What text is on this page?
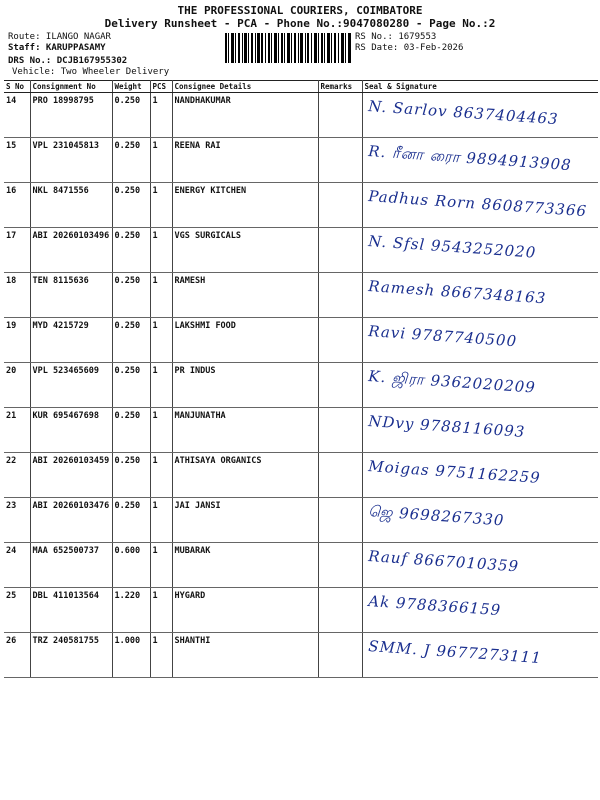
THE PROFESSIONAL COURIERS, COIMBATORE
Delivery Runsheet - PCA - Phone No.:9047080280 - Page No.:2
Route: ILANGO NAGAR
Staff: KARUPPASAMY
DRS No.: DCJB167955302
Vehicle: Two Wheeler Delivery
RS No.: 1679553
RS Date: 03-Feb-2026
S No	Consignment No	Weight	PCS	Consignee Details	Remarks	Seal & Signature
14	PRO 18998795	0.250	1	NANDHAKUMAR		N. Sarlov 8637404463

15	VPL 231045813	0.250	1	REENA RAI		R. ரீனா ரைா 9894913908

16	NKL 8471556	0.250	1	ENERGY KITCHEN		Padhus Rorn 8608773366

17	ABI 20260103496	0.250	1	VGS SURGICALS		N. Sfsl 9543252020

18	TEN 8115636	0.250	1	RAMESH		Ramesh 8667348163

19	MYD 4215729	0.250	1	LAKSHMI FOOD		Ravi 9787740500

20	VPL 523465609	0.250	1	PR INDUS		K. ஜிரா 9362020209

21	KUR 695467698	0.250	1	MANJUNATHA		NDvy 9788116093

22	ABI 20260103459	0.250	1	ATHISAYA ORGANICS		Moigas 9751162259

23	ABI 20260103476	0.250	1	JAI JANSI		ஜெ 9698267330

24	MAA 652500737	0.600	1	MUBARAK		Rauf 8667010359

25	DBL 411013564	1.220	1	HYGARD		Ak 9788366159

26	TRZ 240581755	1.000	1	SHANTHI		SMM. J 9677273111
